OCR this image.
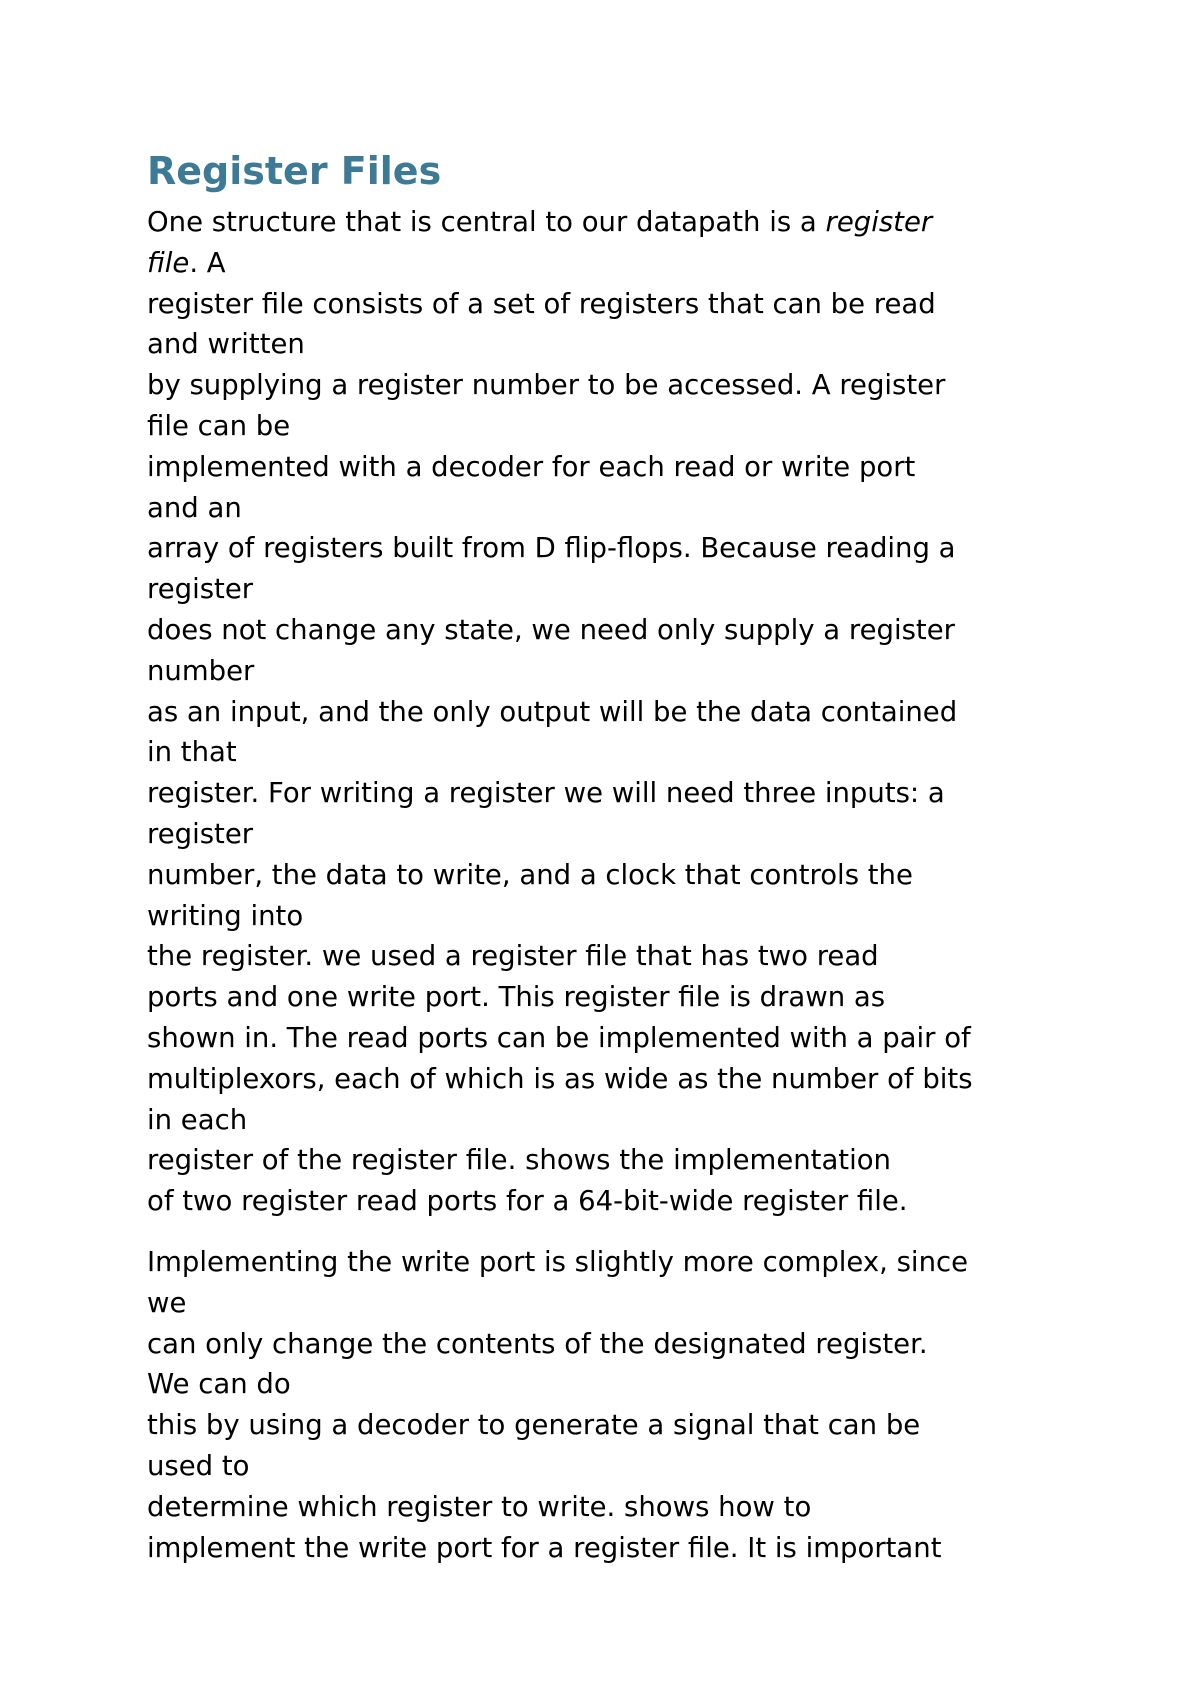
Register Files

One structure that is central to our datapath is a register
file. A
register file consists of a set of registers that can be read
and written
by supplying a register number to be accessed. A register
file can be
implemented with a decoder for each read or write port
and an
array of registers built from D flip-flops. Because reading a
register
does not change any state, we need only supply a register
number
as an input, and the only output will be the data contained
in that
register. For writing a register we will need three inputs: a
register
number, the data to write, and a clock that controls the
writing into
the register. we used a register file that has two read
ports and one write port. This register file is drawn as
shown in. The read ports can be implemented with a pair of
multiplexors, each of which is as wide as the number of bits
in each
register of the register file. shows the implementation
of two register read ports for a 64-bit-wide register file.

Implementing the write port is slightly more complex, since
we
can only change the contents of the designated register.
We can do
this by using a decoder to generate a signal that can be
used to
determine which register to write. shows how to
implement the write port for a register file. It is important
